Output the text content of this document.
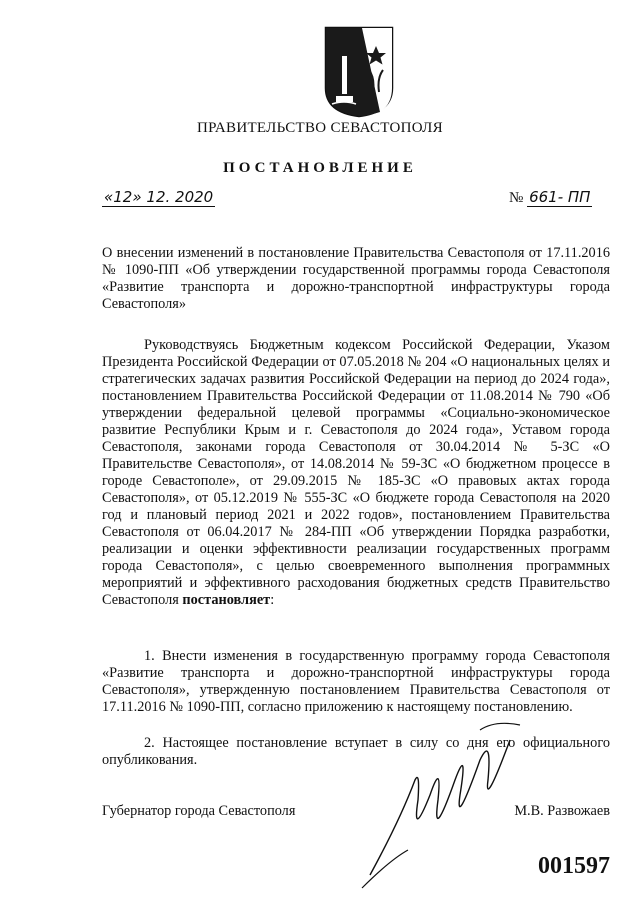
ПРАВИТЕЛЬСТВО СЕВАСТОПОЛЯ
ПОСТАНОВЛЕНИЕ
«12» 12. 2020	№ 661- ПП

О внесении изменений в постановление Правительства Севастополя от 17.11.2016 № 1090-ПП «Об утверждении государственной программы города Севастополя «Развитие транспорта и дорожно-транспортной инфраструктуры города Севастополя»

Руководствуясь Бюджетным кодексом Российской Федерации, Указом Президента Российской Федерации от 07.05.2018 № 204 «О национальных целях и стратегических задачах развития Российской Федерации на период до 2024 года», постановлением Правительства Российской Федерации от 11.08.2014 № 790 «Об утверждении федеральной целевой программы «Социально-экономическое развитие Республики Крым и г. Севастополя до 2024 года», Уставом города Севастополя, законами города Севастополя от 30.04.2014 № 5-ЗС «О Правительстве Севастополя», от 14.08.2014 № 59-ЗС «О бюджетном процессе в городе Севастополе», от 29.09.2015 № 185-ЗС «О правовых актах города Севастополя», от 05.12.2019 № 555-ЗС «О бюджете города Севастополя на 2020 год и плановый период 2021 и 2022 годов», постановлением Правительства Севастополя от 06.04.2017 № 284-ПП «Об утверждении Порядка разработки, реализации и оценки эффективности реализации государственных программ города Севастополя», с целью своевременного выполнения программных мероприятий и эффективного расходования бюджетных средств Правительство Севастополя постановляет:

1. Внести изменения в государственную программу города Севастополя «Развитие транспорта и дорожно-транспортной инфраструктуры города Севастополя», утвержденную постановлением Правительства Севастополя от 17.11.2016 № 1090-ПП, согласно приложению к настоящему постановлению.

2. Настоящее постановление вступает в силу со дня его официального опубликования.

Губернатор города Севастополя	М.В. Развожаев
001597
